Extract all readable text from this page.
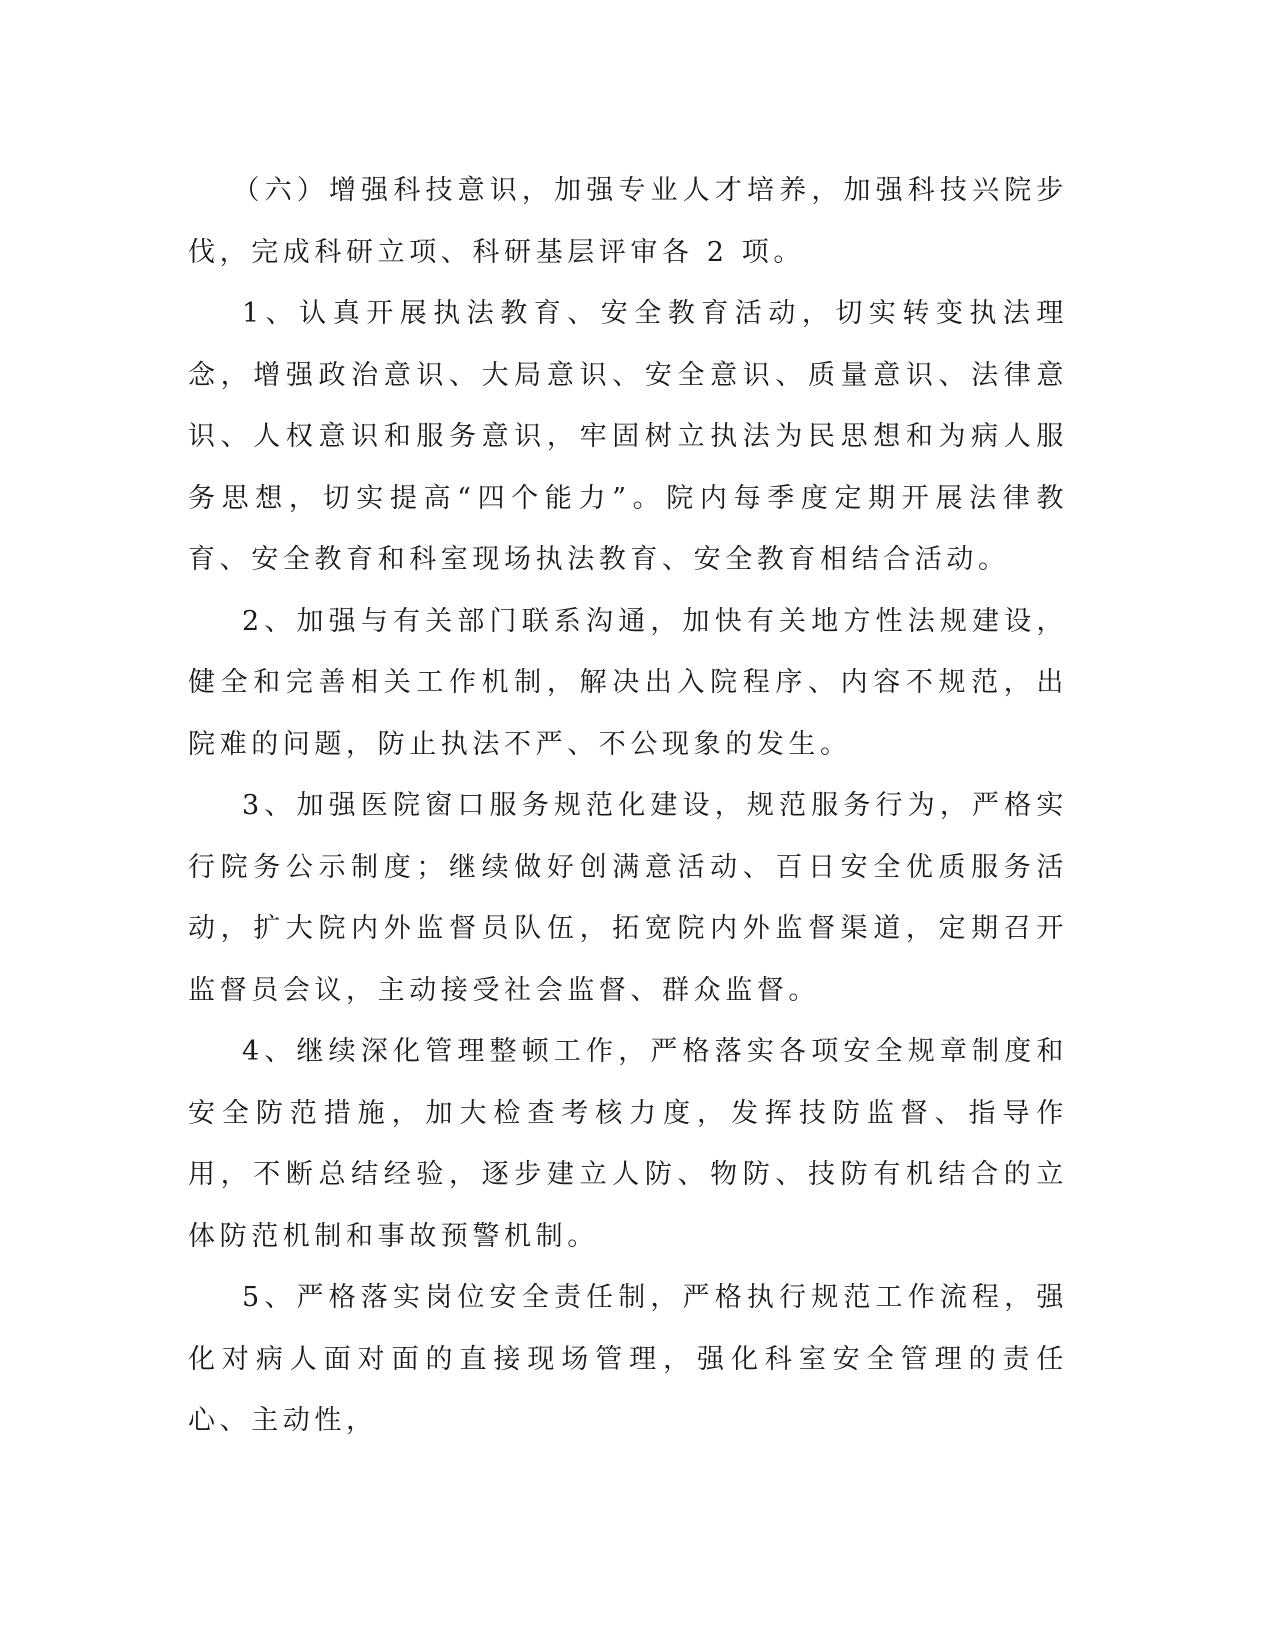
（六）增强科技意识，加强专业人才培养，加强科技兴院步伐，完成科研立项、科研基层评审各 2 项。

1、认真开展执法教育、安全教育活动，切实转变执法理念，增强政治意识、大局意识、安全意识、质量意识、法律意识、人权意识和服务意识，牢固树立执法为民思想和为病人服务思想，切实提高“四个能力”。院内每季度定期开展法律教育、安全教育和科室现场执法教育、安全教育相结合活动。

2、加强与有关部门联系沟通，加快有关地方性法规建设，健全和完善相关工作机制，解决出入院程序、内容不规范，出院难的问题，防止执法不严、不公现象的发生。

3、加强医院窗口服务规范化建设，规范服务行为，严格实行院务公示制度；继续做好创满意活动、百日安全优质服务活动，扩大院内外监督员队伍，拓宽院内外监督渠道，定期召开监督员会议，主动接受社会监督、群众监督。

4、继续深化管理整顿工作，严格落实各项安全规章制度和安全防范措施，加大检查考核力度，发挥技防监督、指导作用，不断总结经验，逐步建立人防、物防、技防有机结合的立体防范机制和事故预警机制。

5、严格落实岗位安全责任制，严格执行规范工作流程，强化对病人面对面的直接现场管理，强化科室安全管理的责任心、主动性，
